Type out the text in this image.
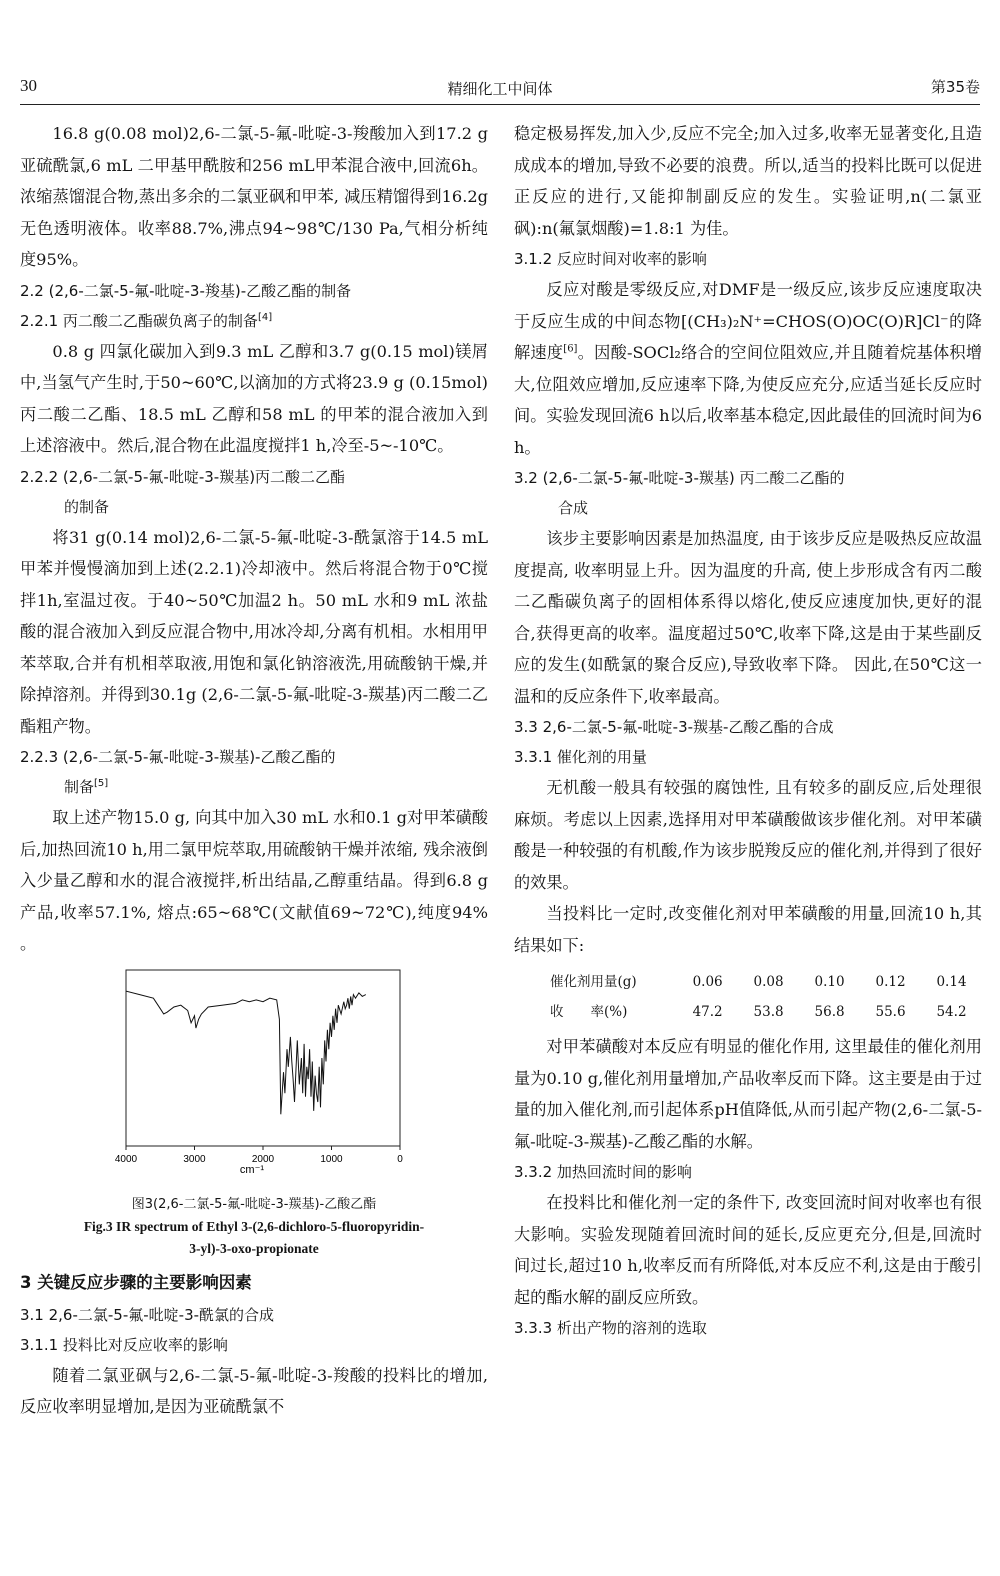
30	精细化工中间体	第35卷

16.8 g(0.08 mol)2,6-二氯-5-氟-吡啶-3-羧酸加入到17.2 g 亚硫酰氯,6 mL 二甲基甲酰胺和256 mL甲苯混合液中,回流6h。浓缩蒸馏混合物,蒸出多余的二氯亚砜和甲苯, 减压精馏得到16.2g无色透明液体。收率88.7%,沸点94~98℃/130 Pa,气相分析纯度95%。

2.2 (2,6-二氯-5-氟-吡啶-3-羧基)-乙酸乙酯的制备
2.2.1 丙二酸二乙酯碳负离子的制备[4]

0.8 g 四氯化碳加入到9.3 mL 乙醇和3.7 g(0.15 mol)镁屑中,当氢气产生时,于50~60℃,以滴加的方式将23.9 g (0.15mol) 丙二酸二乙酯、18.5 mL 乙醇和58 mL 的甲苯的混合液加入到上述溶液中。然后,混合物在此温度搅拌1 h,冷至-5~-10℃。

2.2.2 (2,6-二氯-5-氟-吡啶-3-羰基)丙二酸二乙酯
的制备

将31 g(0.14 mol)2,6-二氯-5-氟-吡啶-3-酰氯溶于14.5 mL 甲苯并慢慢滴加到上述(2.2.1)冷却液中。然后将混合物于0℃搅拌1h,室温过夜。于40~50℃加温2 h。50 mL 水和9 mL 浓盐酸的混合液加入到反应混合物中,用冰冷却,分离有机相。水相用甲苯萃取,合并有机相萃取液,用饱和氯化钠溶液洗,用硫酸钠干燥,并除掉溶剂。并得到30.1g (2,6-二氯-5-氟-吡啶-3-羰基)丙二酸二乙酯粗产物。

2.2.3 (2,6-二氯-5-氟-吡啶-3-羰基)-乙酸乙酯的
制备[5]

取上述产物15.0 g, 向其中加入30 mL 水和0.1 g对甲苯磺酸后,加热回流10 h,用二氯甲烷萃取,用硫酸钠干燥并浓缩, 残余液倒入少量乙醇和水的混合液搅拌,析出结晶,乙醇重结晶。得到6.8 g 产品,收率57.1%, 熔点:65~68℃(文献值69~72℃),纯度94% 。

4000	3000	2000	1000	0
cm⁻¹
图3(2,6-二氯-5-氟-吡啶-3-羰基)-乙酸乙酯
Fig.3 IR spectrum of Ethyl 3-(2,6-dichloro-5-fluoropyridin-
3-yl)-3-oxo-propionate
3 关键反应步骤的主要影响因素
3.1 2,6-二氯-5-氟-吡啶-3-酰氯的合成
3.1.1 投料比对反应收率的影响

随着二氯亚砜与2,6-二氯-5-氟-吡啶-3-羧酸的投料比的增加,反应收率明显增加,是因为亚硫酰氯不

稳定极易挥发,加入少,反应不完全;加入过多,收率无显著变化,且造成成本的增加,导致不必要的浪费。所以,适当的投料比既可以促进正反应的进行,又能抑制副反应的发生。实验证明,n(二氯亚砜):n(氟氯烟酸)=1.8:1 为佳。

3.1.2 反应时间对收率的影响

反应对酸是零级反应,对DMF是一级反应,该步反应速度取决于反应生成的中间态物[(CH₃)₂N⁺=CHOS(O)OC(O)R]Cl⁻的降解速度[6]。因酸-SOCl₂络合的空间位阻效应,并且随着烷基体积增大,位阻效应增加,反应速率下降,为使反应充分,应适当延长反应时间。实验发现回流6 h以后,收率基本稳定,因此最佳的回流时间为6 h。

3.2 (2,6-二氯-5-氟-吡啶-3-羰基) 丙二酸二乙酯的
合成

该步主要影响因素是加热温度, 由于该步反应是吸热反应故温度提高, 收率明显上升。因为温度的升高, 使上步形成含有丙二酸二乙酯碳负离子的固相体系得以熔化,使反应速度加快,更好的混合,获得更高的收率。温度超过50℃,收率下降,这是由于某些副反应的发生(如酰氯的聚合反应),导致收率下降。 因此,在50℃这一温和的反应条件下,收率最高。

3.3 2,6-二氯-5-氟-吡啶-3-羰基-乙酸乙酯的合成
3.3.1 催化剂的用量

无机酸一般具有较强的腐蚀性, 且有较多的副反应,后处理很麻烦。考虑以上因素,选择用对甲苯磺酸做该步催化剂。对甲苯磺酸是一种较强的有机酸,作为该步脱羧反应的催化剂,并得到了很好的效果。

当投料比一定时,改变催化剂对甲苯磺酸的用量,回流10 h,其结果如下:

催化剂用量(g)	0.06	0.08	0.10	0.12	0.14
收　　率(%)	47.2	53.8	56.8	55.6	54.2

对甲苯磺酸对本反应有明显的催化作用, 这里最佳的催化剂用量为0.10 g,催化剂用量增加,产品收率反而下降。这主要是由于过量的加入催化剂,而引起体系pH值降低,从而引起产物(2,6-二氯-5-氟-吡啶-3-羰基)-乙酸乙酯的水解。

3.3.2 加热回流时间的影响

在投料比和催化剂一定的条件下, 改变回流时间对收率也有很大影响。实验发现随着回流时间的延长,反应更充分,但是,回流时间过长,超过10 h,收率反而有所降低,对本反应不利,这是由于酸引起的酯水解的副反应所致。

3.3.3 析出产物的溶剂的选取
